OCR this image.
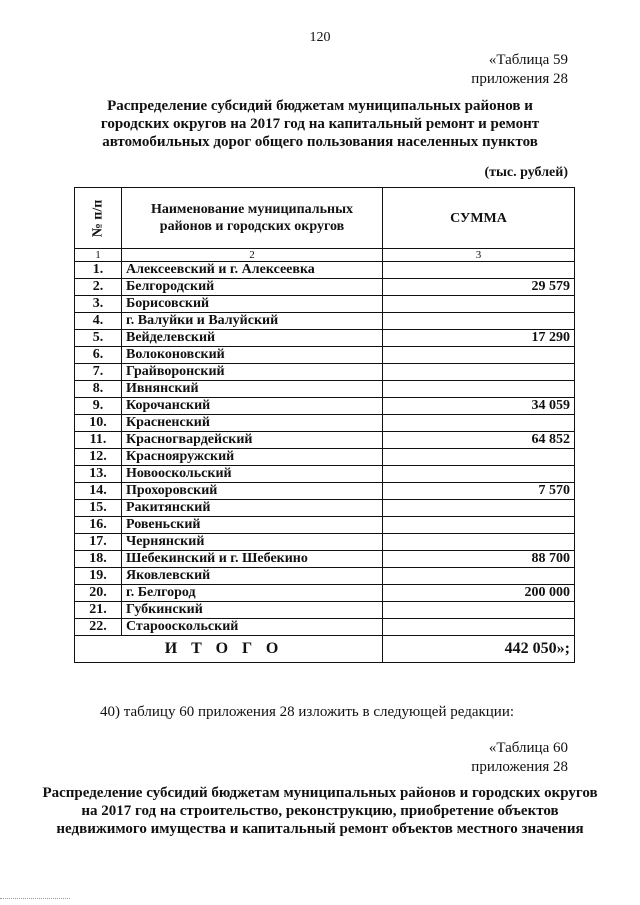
120
«Таблица 59
приложения 28
Распределение субсидий бюджетам муниципальных районов и
городских округов на 2017 год на капитальный ремонт и ремонт
автомобильных дорог общего пользования населенных пунктов
(тыс. рублей)
№ п/п	Наименование муниципальных районов и городских округов	СУММА
1	2	3
1.	Алексеевский и г. Алексеевка	
2.	Белгородский	29 579
3.	Борисовский	
4.	г. Валуйки и Валуйский	
5.	Вейделевский	17 290
6.	Волоконовский	
7.	Грайворонский	
8.	Ивнянский	
9.	Корочанский	34 059
10.	Красненский	
11.	Красногвардейский	64 852
12.	Краснояружский	
13.	Новооскольский	
14.	Прохоровский	7 570
15.	Ракитянский	
16.	Ровеньский	
17.	Чернянский	
18.	Шебекинский и г. Шебекино	88 700
19.	Яковлевский	
20.	г. Белгород	200 000
21.	Губкинский	
22.	Старооскольский	
ИТОГО		442 050»;
40) таблицу 60 приложения 28 изложить в следующей редакции:
«Таблица 60
приложения 28
Распределение субсидий бюджетам муниципальных районов и городских округов
на 2017 год на строительство, реконструкцию, приобретение объектов
недвижимого имущества и капитальный ремонт объектов местного значения
